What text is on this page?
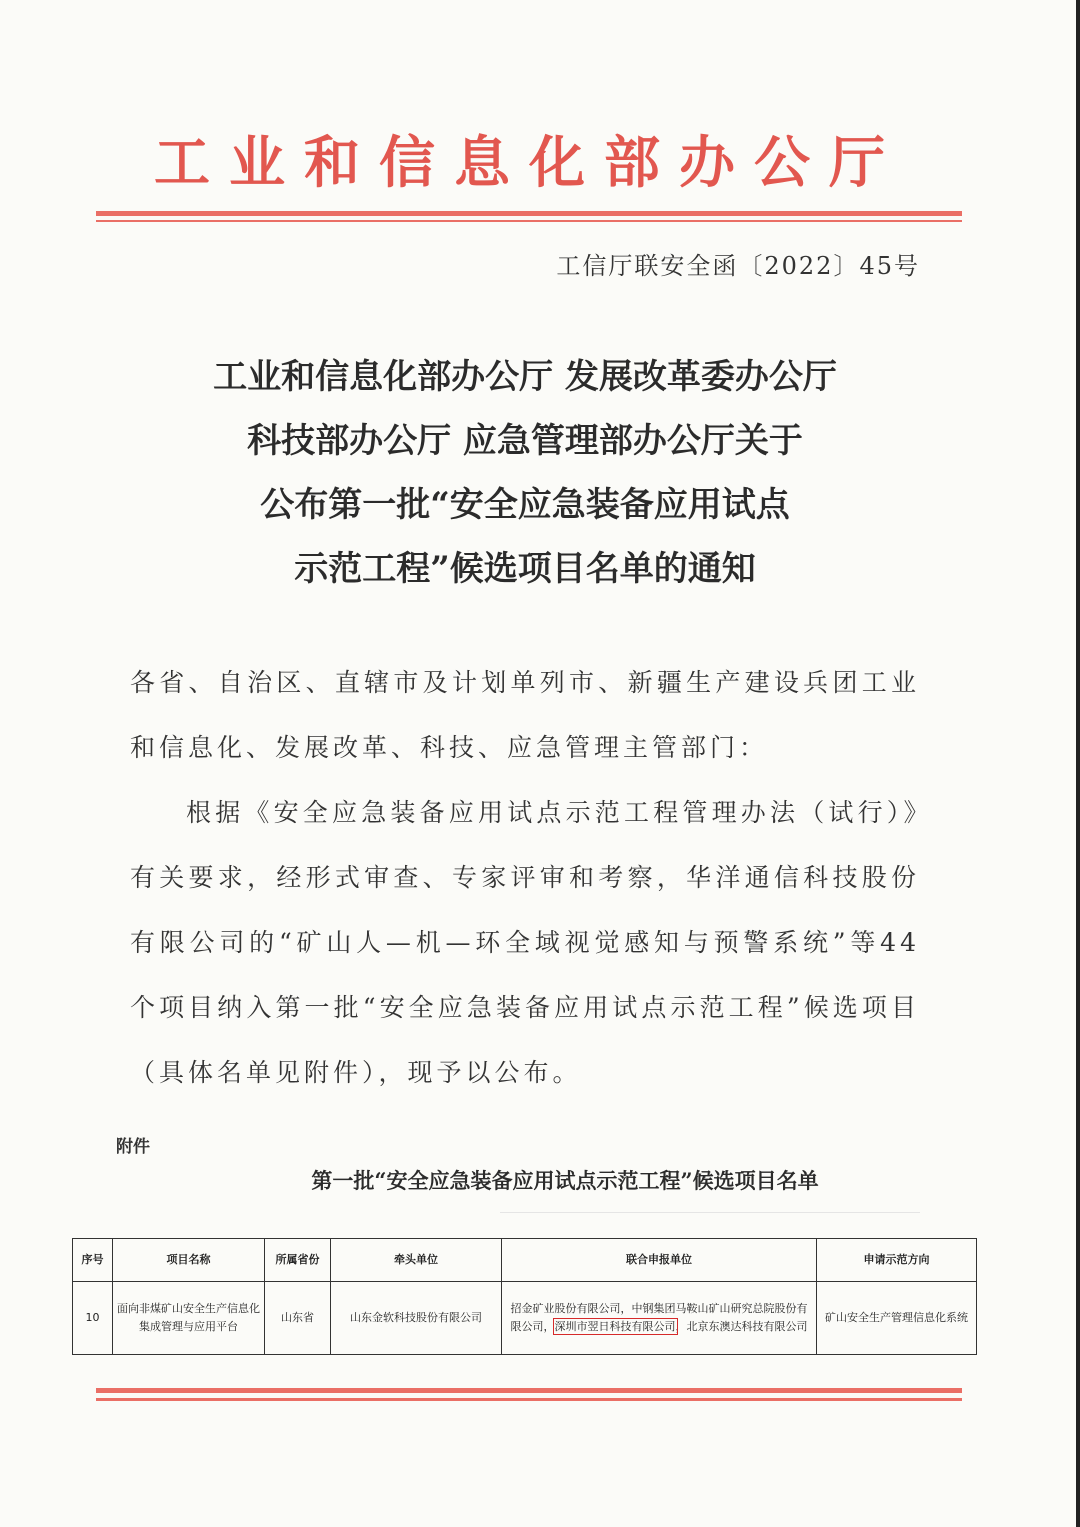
工业和信息化部办公厅
工信厅联安全函〔2022〕45号
工业和信息化部办公厅 发展改革委办公厅
科技部办公厅 应急管理部办公厅关于
公布第一批“安全应急装备应用试点
示范工程”候选项目名单的通知

各省、自治区、直辖市及计划单列市、新疆生产建设兵团工业和信息化、发展改革、科技、应急管理主管部门：

根据《安全应急装备应用试点示范工程管理办法（试行）》有关要求，经形式审查、专家评审和考察，华洋通信科技股份有限公司的“矿山人—机—环全域视觉感知与预警系统”等44个项目纳入第一批“安全应急装备应用试点示范工程”候选项目（具体名单见附件），现予以公布。

附件
第一批“安全应急装备应用试点示范工程”候选项目名单
序号	项目名称	所属省份	牵头单位	联合申报单位	申请示范方向
10	面向非煤矿山安全生产信息化集成管理与应用平台	山东省	山东金软科技股份有限公司	招金矿业股份有限公司，中钢集团马鞍山矿山研究总院股份有限公司，深圳市翌日科技有限公司，北京东澳达科技有限公司	矿山安全生产管理信息化系统
